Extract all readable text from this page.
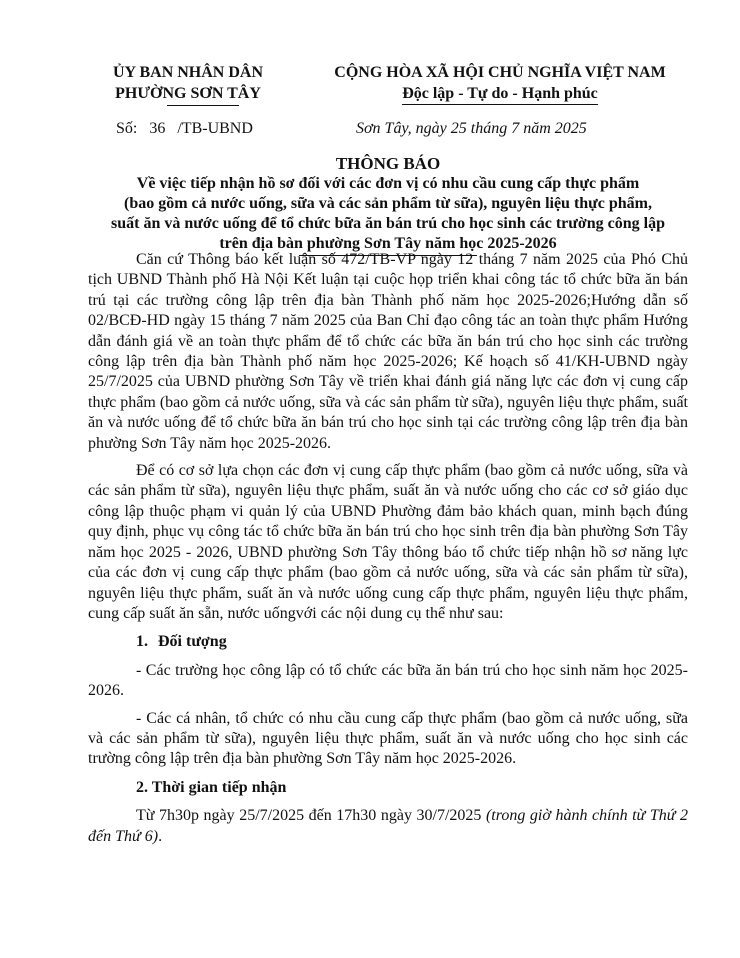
ỦY BAN NHÂN DÂN
PHƯỜNG SƠN TÂY
CỘNG HÒA XÃ HỘI CHỦ NGHĨA VIỆT NAM
Độc lập - Tự do - Hạnh phúc
Số: 36 /TB-UBND	Sơn Tây, ngày 25 tháng 7 năm 2025
THÔNG BÁO
Về việc tiếp nhận hồ sơ đối với các đơn vị có nhu cầu cung cấp thực phẩm
(bao gồm cả nước uống, sữa và các sản phẩm từ sữa), nguyên liệu thực phẩm,
suất ăn và nước uống để tổ chức bữa ăn bán trú cho học sinh các trường công lập
trên địa bàn phường Sơn Tây năm học 2025-2026

Căn cứ Thông báo kết luận số 472/TB-VP ngày 12 tháng 7 năm 2025 của Phó Chủ tịch UBND Thành phố Hà Nội Kết luận tại cuộc họp triển khai công tác tổ chức bữa ăn bán trú tại các trường công lập trên địa bàn Thành phố năm học 2025-2026;Hướng dẫn số 02/BCĐ-HD ngày 15 tháng 7 năm 2025 của Ban Chỉ đạo công tác an toàn thực phẩm Hướng dẫn đánh giá về an toàn thực phẩm để tổ chức các bữa ăn bán trú cho học sinh các trường công lập trên địa bàn Thành phố năm học 2025-2026; Kế hoạch số 41/KH-UBND ngày 25/7/2025 của UBND phường Sơn Tây về triển khai đánh giá năng lực các đơn vị cung cấp thực phẩm (bao gồm cả nước uống, sữa và các sản phẩm từ sữa), nguyên liệu thực phẩm, suất ăn và nước uống để tổ chức bữa ăn bán trú cho học sinh tại các trường công lập trên địa bàn phường Sơn Tây năm học 2025-2026.

Để có cơ sở lựa chọn các đơn vị cung cấp thực phẩm (bao gồm cả nước uống, sữa và các sản phẩm từ sữa), nguyên liệu thực phẩm, suất ăn và nước uống cho các cơ sở giáo dục công lập thuộc phạm vi quản lý của UBND Phường đảm bảo khách quan, minh bạch đúng quy định, phục vụ công tác tổ chức bữa ăn bán trú cho học sinh trên địa bàn phường Sơn Tây năm học 2025 - 2026, UBND phường Sơn Tây thông báo tổ chức tiếp nhận hồ sơ năng lực của các đơn vị cung cấp thực phẩm (bao gồm cả nước uống, sữa và các sản phẩm từ sữa), nguyên liệu thực phẩm, suất ăn và nước uống cung cấp thực phẩm, nguyên liệu thực phẩm, cung cấp suất ăn sẵn, nước uốngvới các nội dung cụ thể như sau:

1. Đối tượng

- Các trường học công lập có tổ chức các bữa ăn bán trú cho học sinh năm học 2025-2026.

- Các cá nhân, tổ chức có nhu cầu cung cấp thực phẩm (bao gồm cả nước uống, sữa và các sản phẩm từ sữa), nguyên liệu thực phẩm, suất ăn và nước uống cho học sinh các trường công lập trên địa bàn phường Sơn Tây năm học 2025-2026.

2. Thời gian tiếp nhận

Từ 7h30p ngày 25/7/2025 đến 17h30 ngày 30/7/2025 (trong giờ hành chính từ Thứ 2 đến Thứ 6).
